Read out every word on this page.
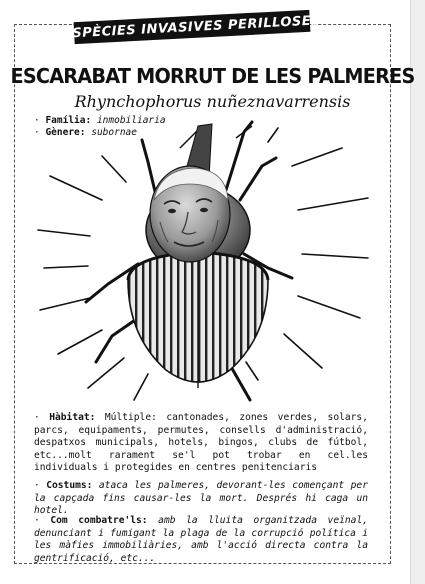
ESPÈCIES INVASIVES PERILLOSES
ESCARABAT MORRUT DE LES PALMERES
Rhynchophorus nuñeznavarrensis
· Família: inmobiliaria
· Gènere: subornae
· Hàbitat: Múltiple: cantonades, zones verdes, solars, parcs, equipaments, permutes, consells d'administració, despatxos municipals, hotels, bingos, clubs de fútbol, etc...molt rarament se'l pot trobar en cel.les individuals i protegides en centres penitenciaris
· Costums: ataca les palmeres, devorant-les començant per la capçada fins causar-les la mort. Després hi caga un hotel.
· Com combatre'ls: amb la lluita organitzada veïnal, denunciant i fumigant la plaga de la corrupció política i les màfies immobiliàries, amb l'acció directa contra la gentrificació, etc...
